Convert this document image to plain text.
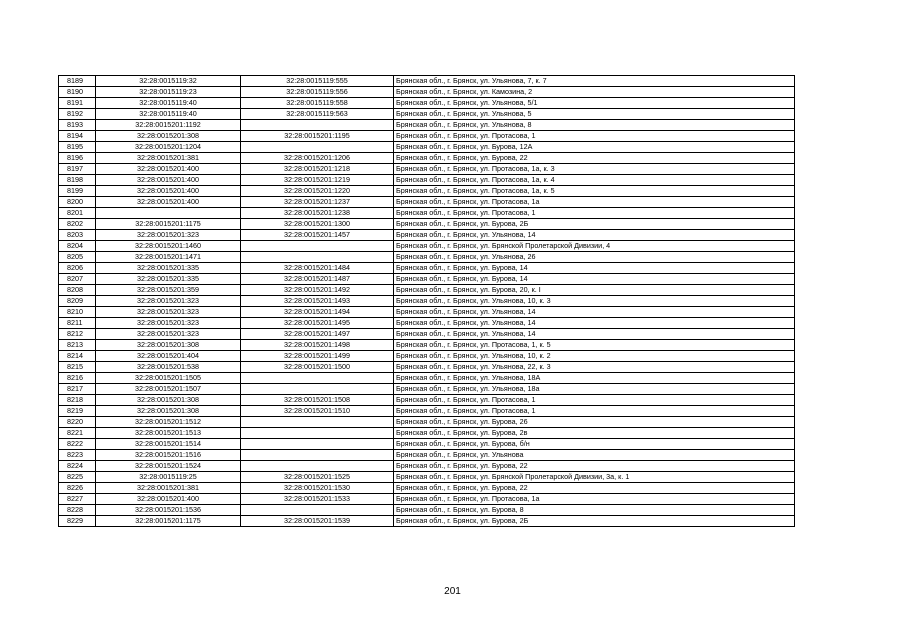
8189	32:28:0015119:32	32:28:0015119:555	Брянская обл., г. Брянск, ул. Ульянова, 7, к. 7
8190	32:28:0015119:23	32:28:0015119:556	Брянская обл., г. Брянск, ул. Камозина, 2
8191	32:28:0015119:40	32:28:0015119:558	Брянская обл., г. Брянск, ул. Ульянова, 5/1
8192	32:28:0015119:40	32:28:0015119:563	Брянская обл., г. Брянск, ул. Ульянова, 5
8193	32:28:0015201:1192		Брянская обл., г. Брянск, ул. Ульянова, 8
8194	32:28:0015201:308	32:28:0015201:1195	Брянская обл., г. Брянск, ул. Протасова, 1
8195	32:28:0015201:1204		Брянская обл., г. Брянск, ул. Бурова, 12А
8196	32:28:0015201:381	32:28:0015201:1206	Брянская обл., г. Брянск, ул. Бурова, 22
8197	32:28:0015201:400	32:28:0015201:1218	Брянская обл., г. Брянск, ул. Протасова, 1а, к. 3
8198	32:28:0015201:400	32:28:0015201:1219	Брянская обл., г. Брянск, ул. Протасова, 1а, к. 4
8199	32:28:0015201:400	32:28:0015201:1220	Брянская обл., г. Брянск, ул. Протасова, 1а, к. 5
8200	32:28:0015201:400	32:28:0015201:1237	Брянская обл., г. Брянск, ул. Протасова, 1а
8201		32:28:0015201:1238	Брянская обл., г. Брянск, ул. Протасова, 1
8202	32:28:0015201:1175	32:28:0015201:1300	Брянская обл., г. Брянск, ул. Бурова, 2Б
8203	32:28:0015201:323	32:28:0015201:1457	Брянская обл., г. Брянск, ул. Ульянова, 14
8204	32:28:0015201:1460		Брянская обл., г. Брянск, ул. Брянской Пролетарской Дивизии, 4
8205	32:28:0015201:1471		Брянская обл., г. Брянск, ул. Ульянова, 26
8206	32:28:0015201:335	32:28:0015201:1484	Брянская обл., г. Брянск, ул. Бурова, 14
8207	32:28:0015201:335	32:28:0015201:1487	Брянская обл., г. Брянск, ул. Бурова, 14
8208	32:28:0015201:359	32:28:0015201:1492	Брянская обл., г. Брянск, ул. Бурова, 20, к. I
8209	32:28:0015201:323	32:28:0015201:1493	Брянская обл., г. Брянск, ул. Ульянова, 10, к. 3
8210	32:28:0015201:323	32:28:0015201:1494	Брянская обл., г. Брянск, ул. Ульянова, 14
8211	32:28:0015201:323	32:28:0015201:1495	Брянская обл., г. Брянск, ул. Ульянова, 14
8212	32:28:0015201:323	32:28:0015201:1497	Брянская обл., г. Брянск, ул. Ульянова, 14
8213	32:28:0015201:308	32:28:0015201:1498	Брянская обл., г. Брянск, ул. Протасова, 1, к. 5
8214	32:28:0015201:404	32:28:0015201:1499	Брянская обл., г. Брянск, ул. Ульянова, 10, к. 2
8215	32:28:0015201:538	32:28:0015201:1500	Брянская обл., г. Брянск, ул. Ульянова, 22, к. 3
8216	32:28:0015201:1505		Брянская обл., г. Брянск, ул. Ульянова, 18А
8217	32:28:0015201:1507		Брянская обл., г. Брянск, ул. Ульянова, 18а
8218	32:28:0015201:308	32:28:0015201:1508	Брянская обл., г. Брянск, ул. Протасова, 1
8219	32:28:0015201:308	32:28:0015201:1510	Брянская обл., г. Брянск, ул. Протасова, 1
8220	32:28:0015201:1512		Брянская обл., г. Брянск, ул. Бурова, 26
8221	32:28:0015201:1513		Брянская обл., г. Брянск, ул. Бурова, 2в
8222	32:28:0015201:1514		Брянская обл., г. Брянск, ул. Бурова, б/н
8223	32:28:0015201:1516		Брянская обл., г. Брянск, ул. Ульянова
8224	32:28:0015201:1524		Брянская обл., г. Брянск, ул. Бурова, 22
8225	32:28:0015119:25	32:28:0015201:1525	Брянская обл., г. Брянск, ул. Брянской Пролетарской Дивизии, 3а, к. 1
8226	32:28:0015201:381	32:28:0015201:1530	Брянская обл., г. Брянск, ул. Бурова, 22
8227	32:28:0015201:400	32:28:0015201:1533	Брянская обл., г. Брянск, ул. Протасова, 1а
8228	32:28:0015201:1536		Брянская обл., г. Брянск, ул. Бурова, 8
8229	32:28:0015201:1175	32:28:0015201:1539	Брянская обл., г. Брянск, ул. Бурова, 2Б
201
